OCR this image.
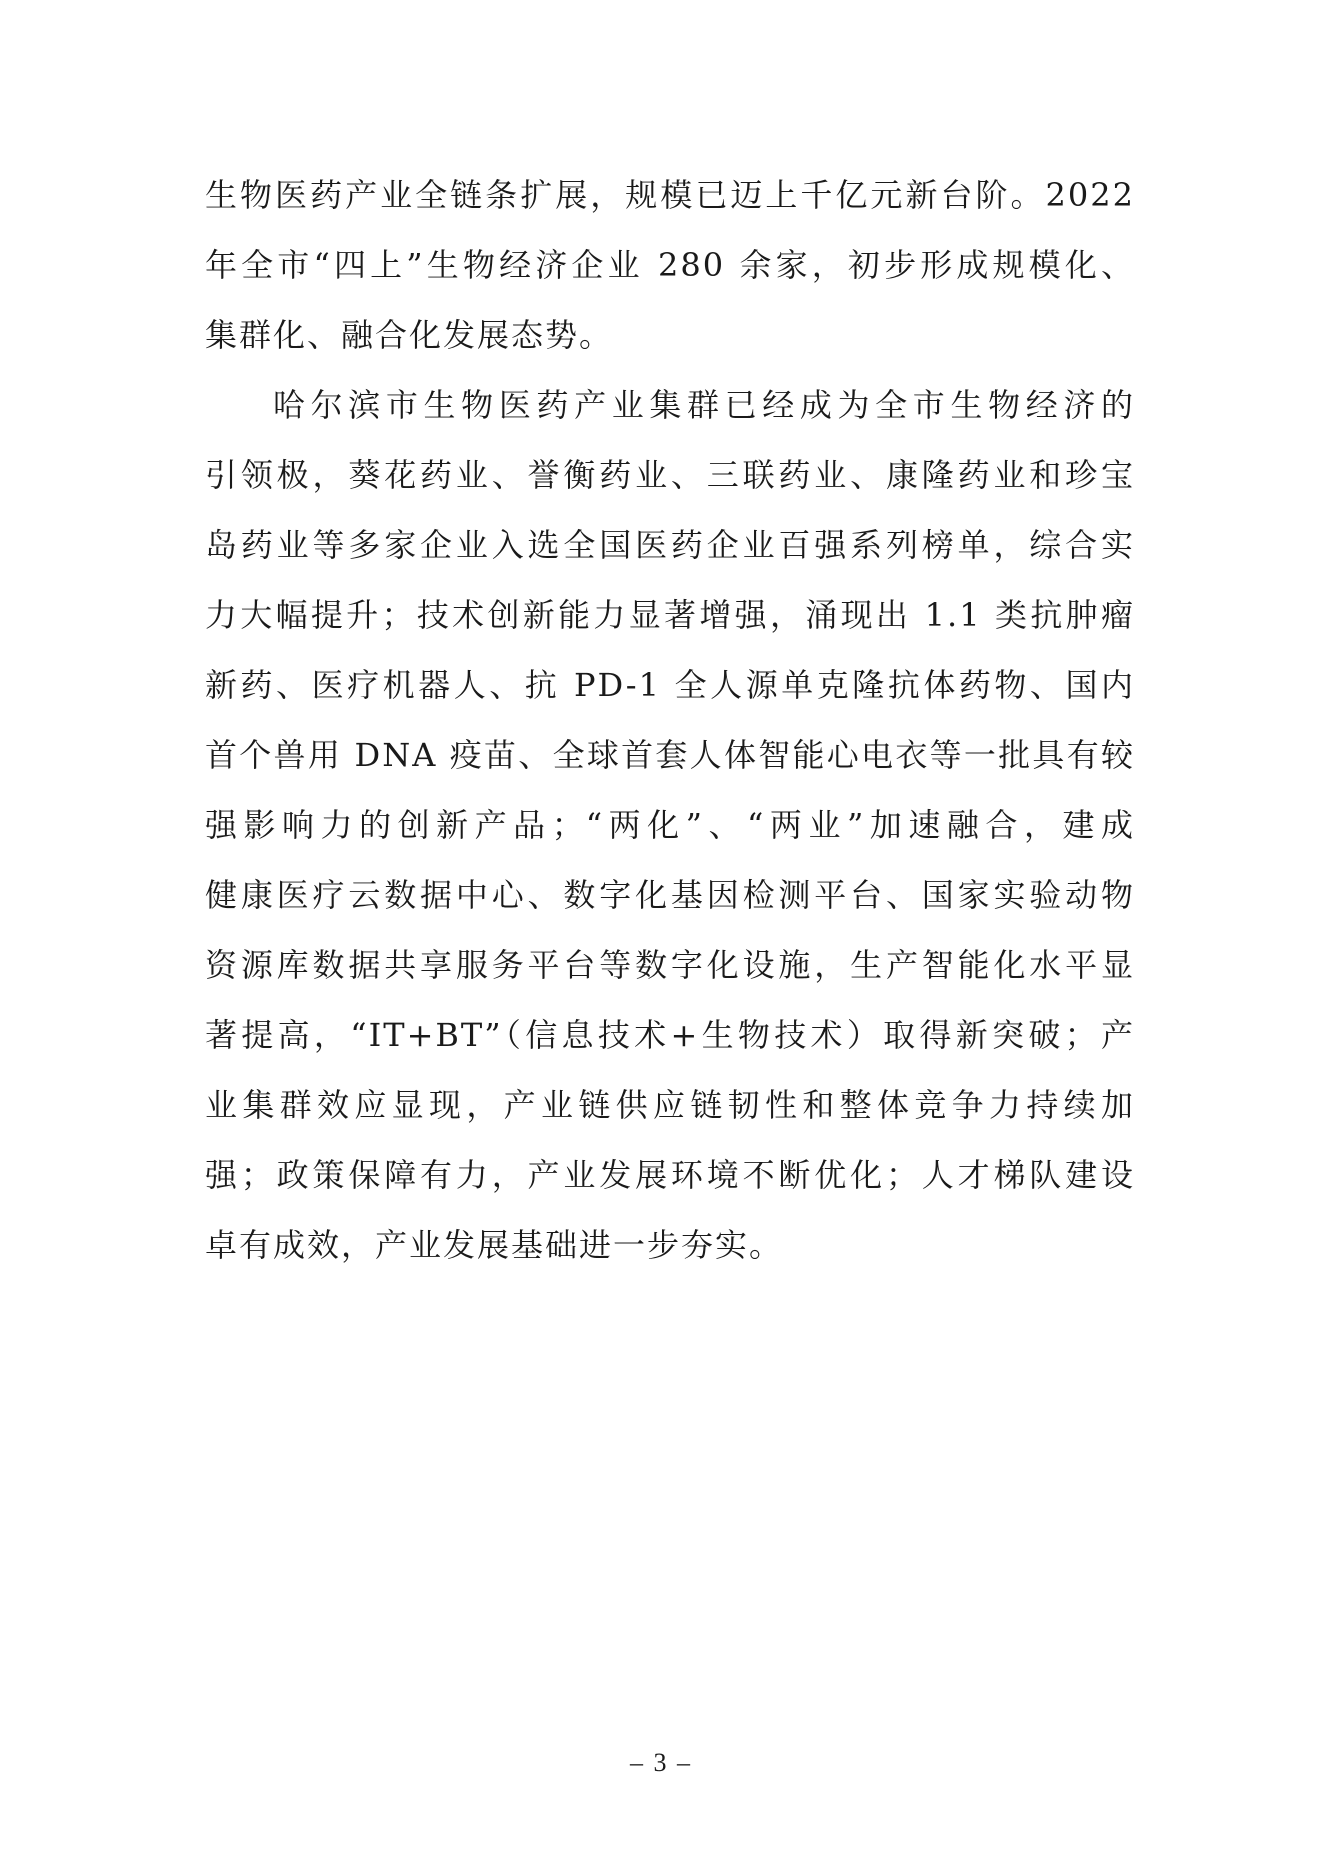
生物医药产业全链条扩展，规模已迈上千亿元新台阶。2022
年全市“四上”生物经济企业 280 余家，初步形成规模化、
集群化、融合化发展态势。
哈尔滨市生物医药产业集群已经成为全市生物经济的
引领极，葵花药业、誉衡药业、三联药业、康隆药业和珍宝
岛药业等多家企业入选全国医药企业百强系列榜单，综合实
力大幅提升；技术创新能力显著增强，涌现出 1.1 类抗肿瘤
新药、医疗机器人、抗 PD-1 全人源单克隆抗体药物、国内
首个兽用 DNA 疫苗、全球首套人体智能心电衣等一批具有较
强影响力的创新产品；“两化”、“两业”加速融合，建成
健康医疗云数据中心、数字化基因检测平台、国家实验动物
资源库数据共享服务平台等数字化设施，生产智能化水平显
著提高，“IT+BT”（信息技术+生物技术）取得新突破；产
业集群效应显现，产业链供应链韧性和整体竞争力持续加
强；政策保障有力，产业发展环境不断优化；人才梯队建设
卓有成效，产业发展基础进一步夯实。
– 3 –
